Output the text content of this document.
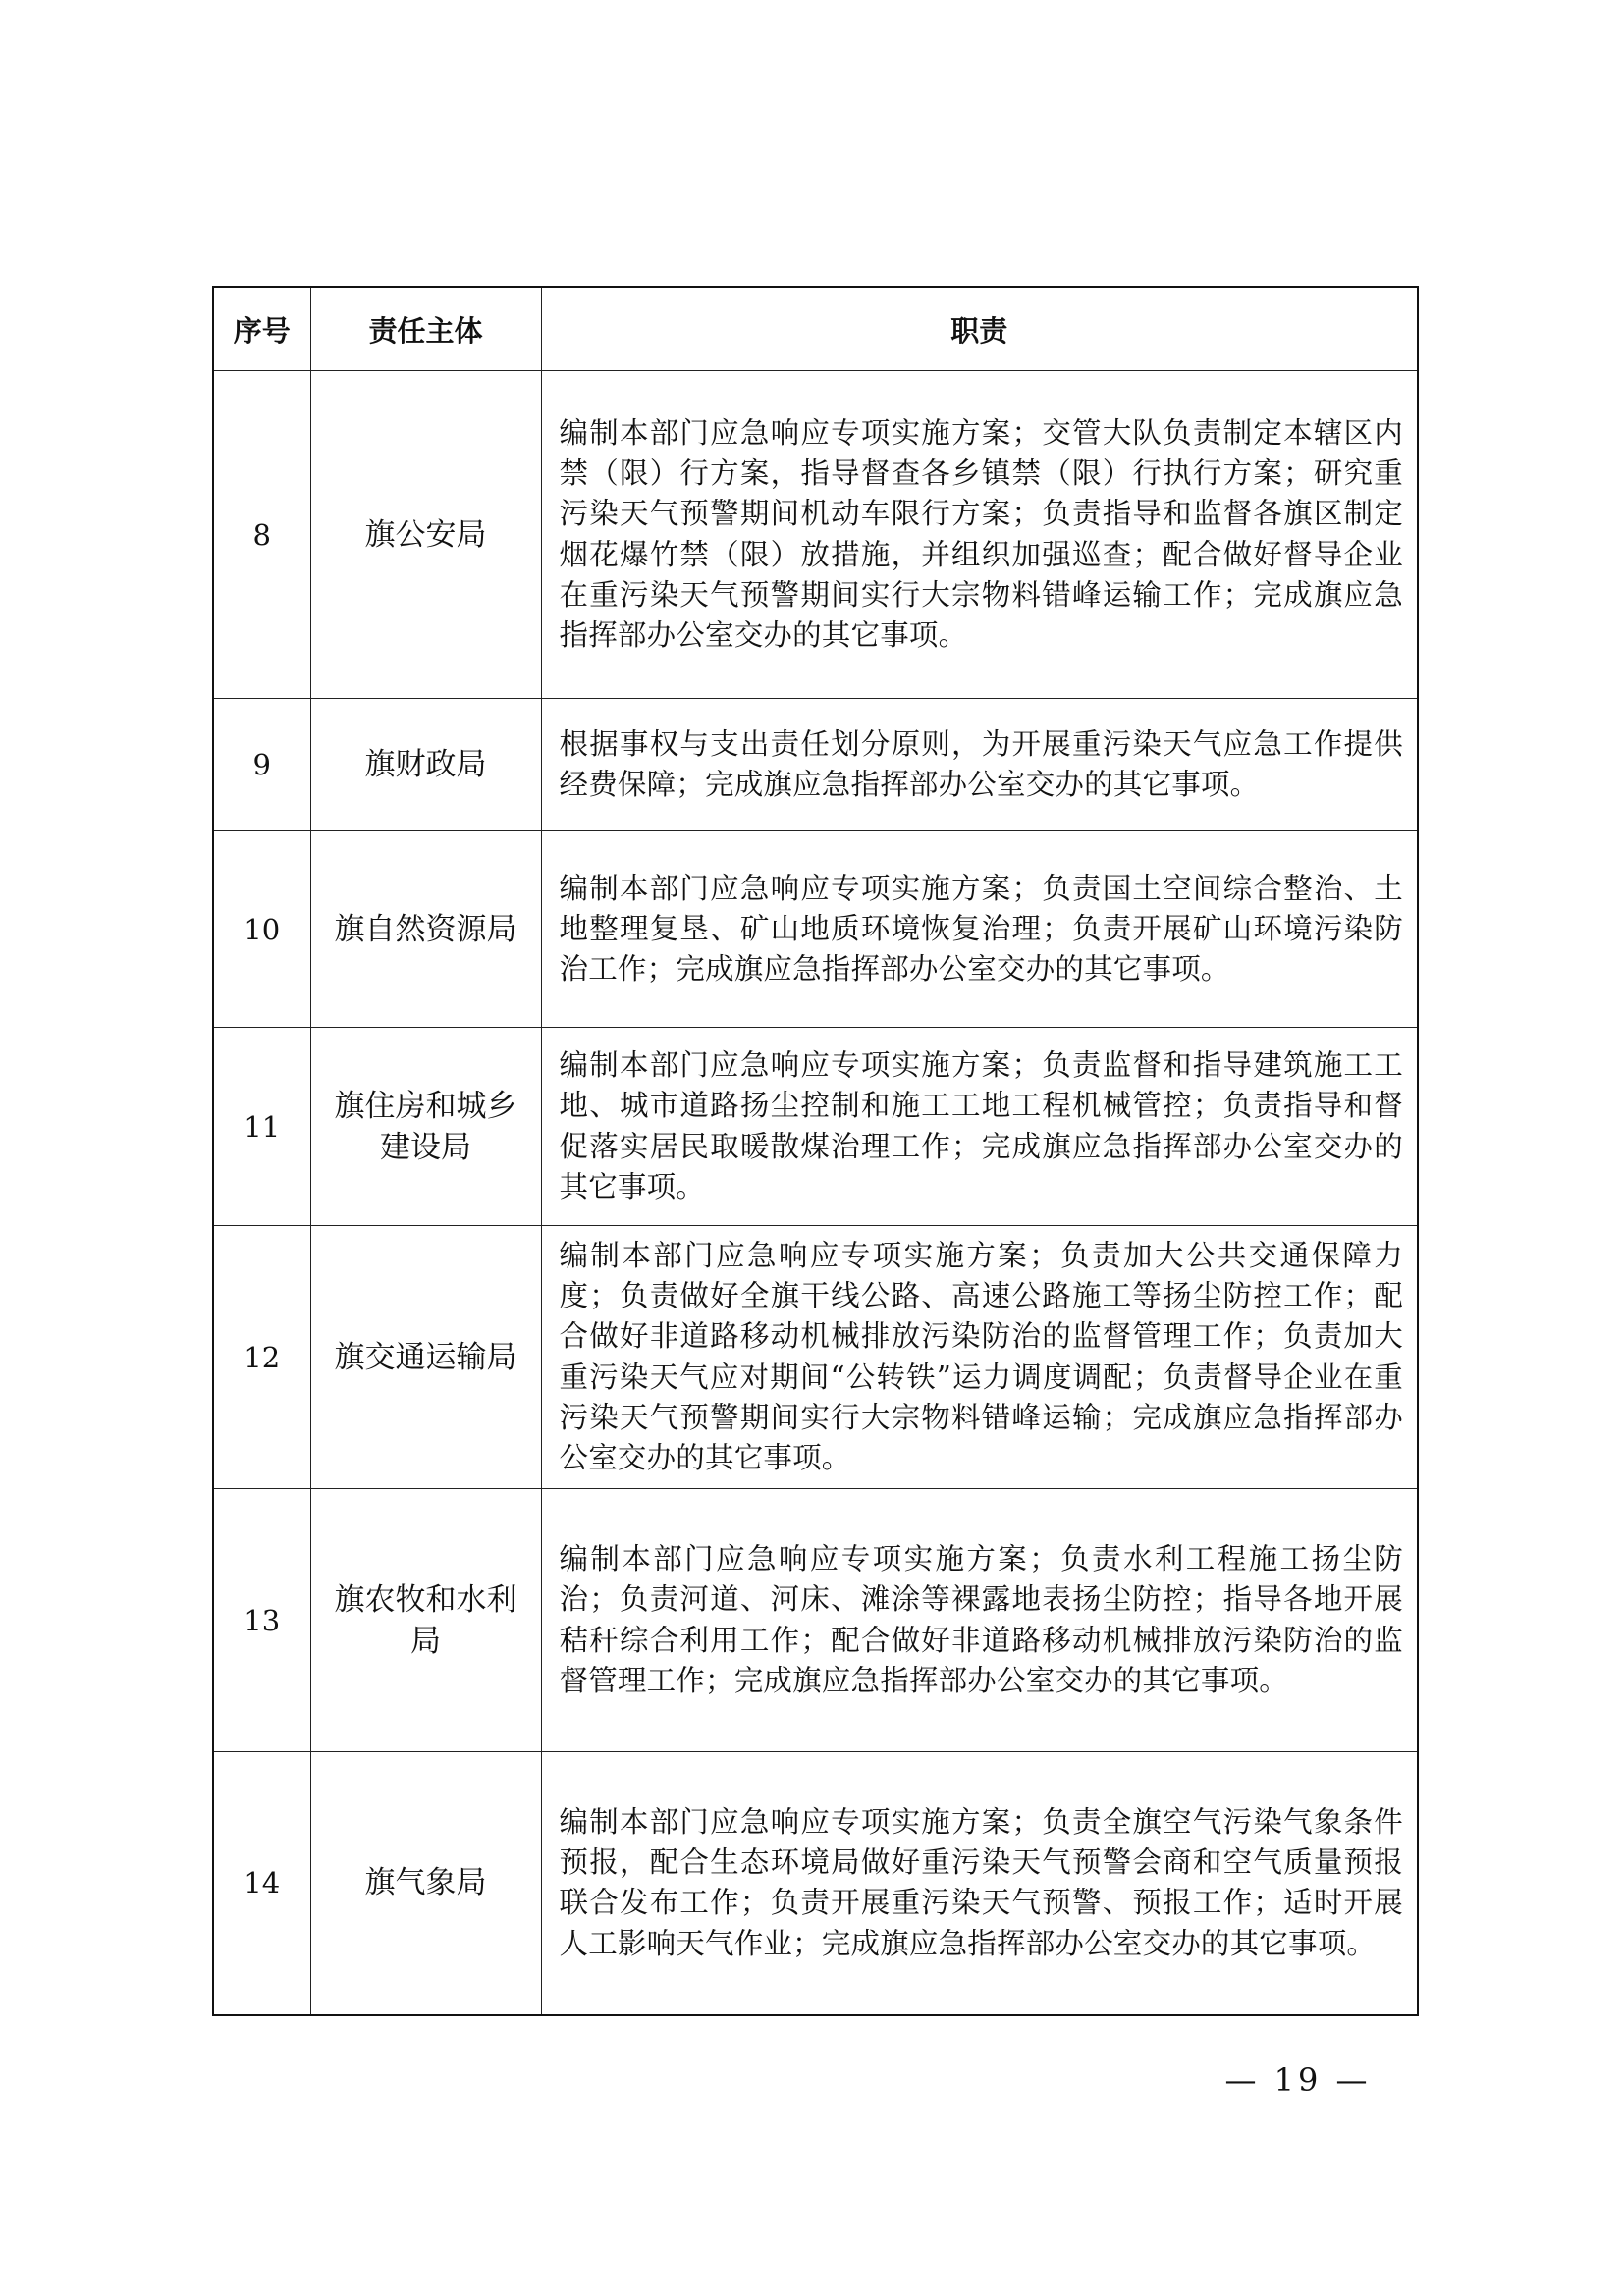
序号	责任主体	职责
8	旗公安局	编制本部门应急响应专项实施方案；交管大队负责制定本辖区内禁（限）行方案，指导督查各乡镇禁（限）行执行方案；研究重污染天气预警期间机动车限行方案；负责指导和监督各旗区制定烟花爆竹禁（限）放措施，并组织加强巡查；配合做好督导企业在重污染天气预警期间实行大宗物料错峰运输工作；完成旗应急指挥部办公室交办的其它事项。
9	旗财政局	根据事权与支出责任划分原则，为开展重污染天气应急工作提供经费保障；完成旗应急指挥部办公室交办的其它事项。
10	旗自然资源局	编制本部门应急响应专项实施方案；负责国土空间综合整治、土地整理复垦、矿山地质环境恢复治理；负责开展矿山环境污染防治工作；完成旗应急指挥部办公室交办的其它事项。
11	旗住房和城乡建设局	编制本部门应急响应专项实施方案；负责监督和指导建筑施工工地、城市道路扬尘控制和施工工地工程机械管控；负责指导和督促落实居民取暖散煤治理工作；完成旗应急指挥部办公室交办的其它事项。
12	旗交通运输局	编制本部门应急响应专项实施方案；负责加大公共交通保障力度；负责做好全旗干线公路、高速公路施工等扬尘防控工作；配合做好非道路移动机械排放污染防治的监督管理工作；负责加大重污染天气应对期间“公转铁”运力调度调配；负责督导企业在重污染天气预警期间实行大宗物料错峰运输；完成旗应急指挥部办公室交办的其它事项。
13	旗农牧和水利局	编制本部门应急响应专项实施方案；负责水利工程施工扬尘防治；负责河道、河床、滩涂等裸露地表扬尘防控；指导各地开展秸秆综合利用工作；配合做好非道路移动机械排放污染防治的监督管理工作；完成旗应急指挥部办公室交办的其它事项。
14	旗气象局	编制本部门应急响应专项实施方案；负责全旗空气污染气象条件预报，配合生态环境局做好重污染天气预警会商和空气质量预报联合发布工作；负责开展重污染天气预警、预报工作；适时开展人工影响天气作业；完成旗应急指挥部办公室交办的其它事项。
— 19 —
